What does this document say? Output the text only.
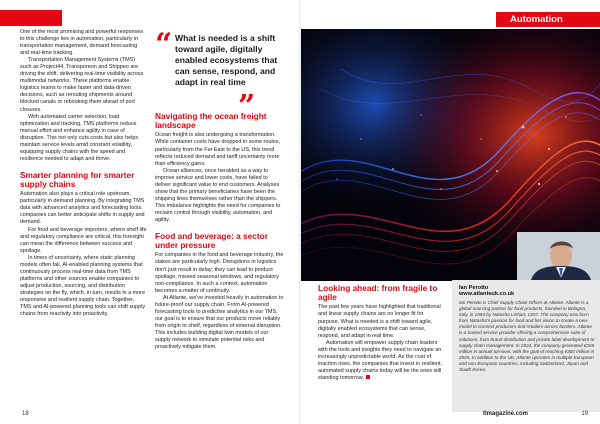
Automation

One of the most promising and powerful responses to this challenge lies in automation, particularly in transportation management, demand forecasting and real-time tracking.

Transportation Management Systems (TMS) such as Project44, Transporeon and Shippeo are driving the shift, delivering real-time visibility across multimodal networks. These platforms enable logistics teams to make faster and data-driven decisions, such as rerouting shipments around blocked canals or rebooking them ahead of port closures.

With automated carrier selection, load optimization and tracking, TMS platforms reduce manual effort and enhance agility in case of disruption. This not only cuts costs but also helps maintain service levels amid constant volatility, equipping supply chains with the speed and resilience needed to adapt and thrive.

Smarter planning for smarter supply chains

Automation also plays a critical role upstream, particularly in demand planning. By integrating TMS data with advanced analytics and forecasting tools, companies can better anticipate shifts in supply and demand.

For food and beverage importers, where shelf life and regulatory compliance are critical, this foresight can mean the difference between success and spoilage.

In times of uncertainty, where static planning models often fail, AI-enabled planning systems that continuously process real-time data from TMS platforms and other sources enable companies to adjust production, sourcing, and distribution strategies on the fly, which, in turn, results in a more responsive and resilient supply chain. Together, TMS and AI-powered planning tools can shift supply chains from reactivity into proactivity.

“ What is needed is a shift toward agile, digitally enabled ecosystems that can sense, respond, and adapt in real time
”
Navigating the ocean freight landscape

Ocean freight is also undergoing a transformation. While container costs have dropped in some routes, particularly from the Far East to the US, this trend reflects reduced demand and tariff uncertainty more than efficiency gains.

Ocean alliances, once heralded as a way to improve service and lower costs, have failed to deliver significant value to end customers. Analyses show that the primary beneficiaries have been the shipping lines themselves rather than the shippers. This imbalance highlights the need for companies to reclaim control through visibility, automation, and agility.

Food and beverage: a sector under pressure

For companies in the food and beverage industry, the stakes are particularly high. Disruptions in logistics don't just result in delay; they can lead to product spoilage, missed seasonal windows, and regulatory non-compliance. In such a context, automation becomes a matter of continuity.

At Atlante, we've invested heavily in automation to future-proof our supply chain. From AI-powered forecasting tools to predictive analytics in our TMS, our goal is to ensure that our products move reliably from origin to shelf, regardless of external disruption. This includes building digital twin models of our supply network to simulate potential risks and proactively mitigate them.

Looking ahead: from fragile to agile

The past few years have highlighted that traditional and linear supply chains are no longer fit for purpose. What is needed is a shift toward agile, digitally enabled ecosystems that can sense, respond, and adapt in real time.

Automation will empower supply chain leaders with the tools and insights they need to navigate an increasingly unpredictable world. As the cost of inaction rises, the companies that invest in resilient, automated supply chains today will be the ones still standing tomorrow.

Ian Perotto
www.atlanteuk.co.uk
Ian Perotto is Chief Supply Chain Officer at Atlante. Atlante is a global sourcing partner for food products, founded in Bologna, Italy, in 1994 by Natasha Linhart, CEO. The company was born from Natasha's passion for food and her vision to create a new model to connect producers and retailers across borders. Atlante is a trusted service provider offering a comprehensive suite of solutions, from brand distribution and private label development to supply chain management. In 2024, the company generated €265 million in annual turnover, with the goal of reaching €300 million in 2025. In addition to the UK, Atlante operates in multiple European and non-European countries, including Switzerland, Japan and South Korea.
18	tlmagazine.com	19
